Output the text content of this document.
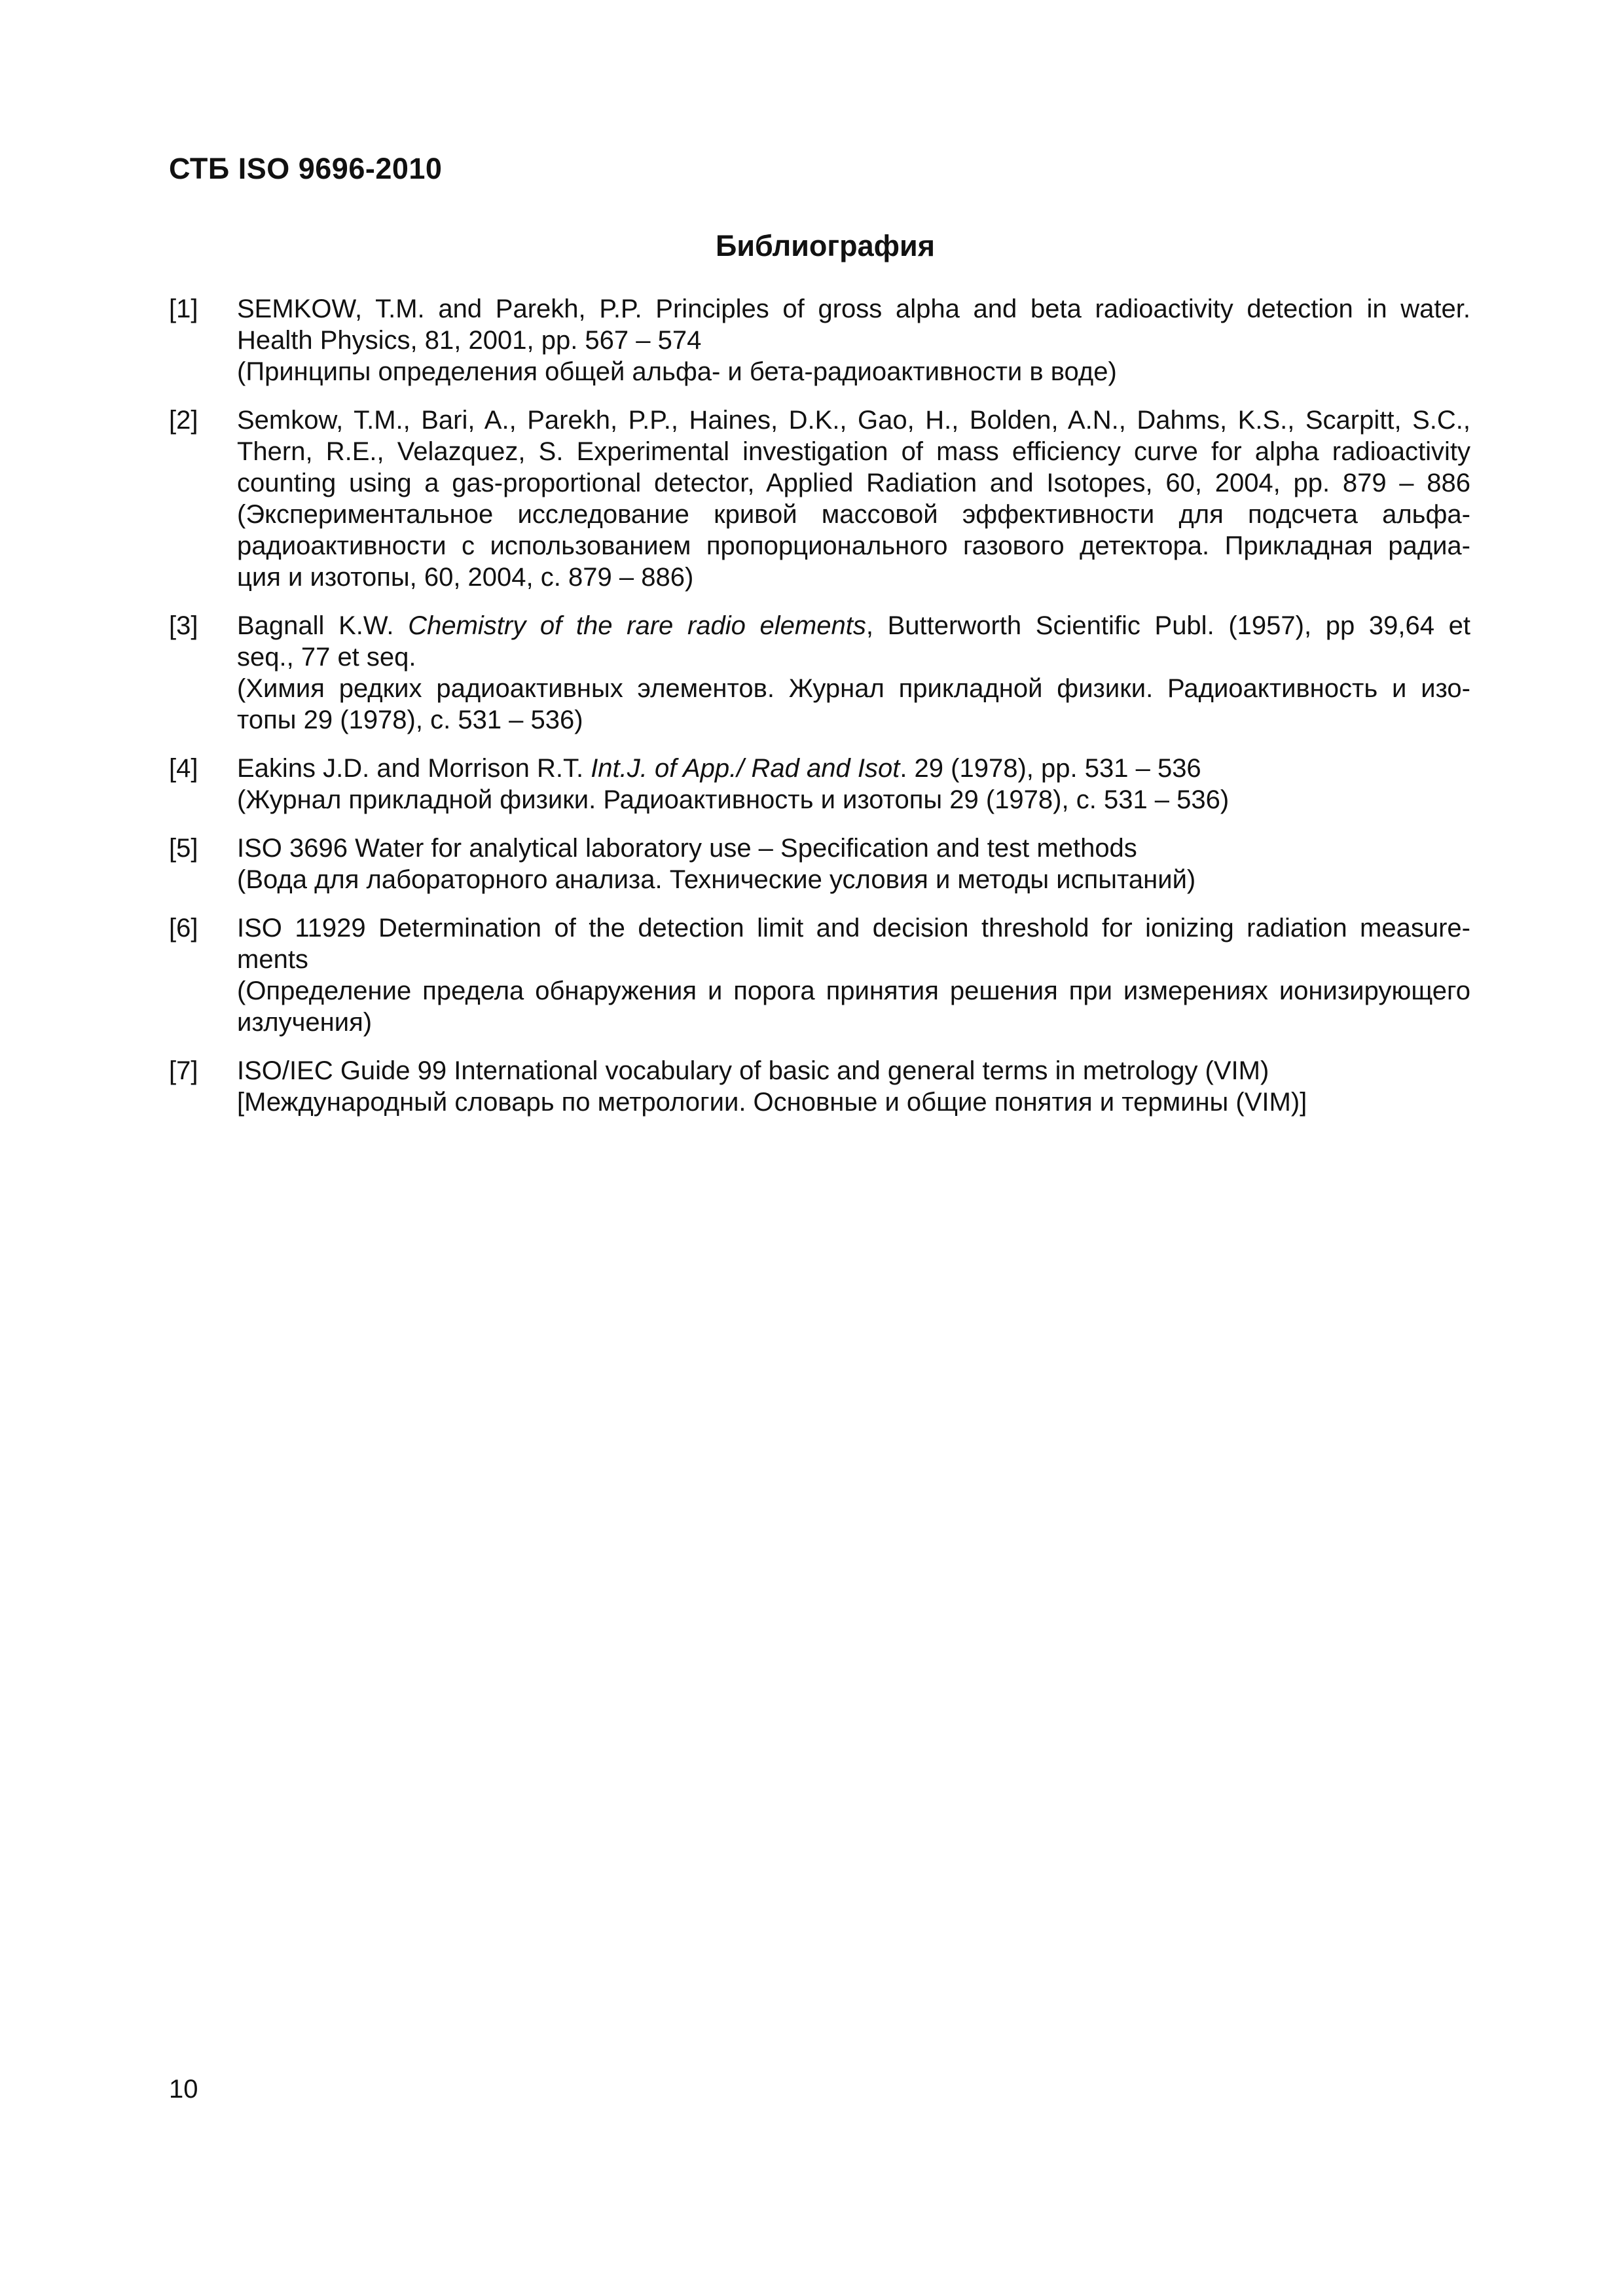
СТБ ISO 9696-2010
Библиография
[1]	SEMKOW, T.M. and Parekh, P.P. Principles of gross alpha and beta radioactivity detection in water.
Health Physics, 81, 2001, pp. 567 – 574
(Принципы определения общей альфа- и бета-радиоактивности в воде)
[2]	Semkow, T.M., Bari, A., Parekh, P.P., Haines, D.K., Gao, H., Bolden, A.N., Dahms, K.S., Scarpitt, S.C.,
Thern, R.E., Velazquez, S. Experimental investigation of mass efficiency curve for alpha radioactivity
counting using a gas-proportional detector, Applied Radiation and Isotopes, 60, 2004, pp. 879 – 886
(Экспериментальное исследование кривой массовой эффективности для подсчета альфа-
радиоактивности с использованием пропорционального газового детектора. Прикладная радиа-
ция и изотопы, 60, 2004, с. 879 – 886)
[3]	Bagnall K.W. Chemistry of the rare radio elements, Butterworth Scientific Publ. (1957), pp 39,64 et
seq., 77 et seq.
(Химия редких радиоактивных элементов. Журнал прикладной физики. Радиоактивность и изо-
топы 29 (1978), с. 531 – 536)
[4]	Eakins J.D. and Morrison R.T. Int.J. of App./ Rad and Isot. 29 (1978), pp. 531 – 536
(Журнал прикладной физики. Радиоактивность и изотопы 29 (1978), с. 531 – 536)
[5]	ISO 3696 Water for analytical laboratory use – Specification and test methods
(Вода для лабораторного анализа. Технические условия и методы испытаний)
[6]	ISO 11929 Determination of the detection limit and decision threshold for ionizing radiation measure-
ments
(Определение предела обнаружения и порога принятия решения при измерениях ионизирующего
излучения)
[7]	ISO/IEC Guide 99 International vocabulary of basic and general terms in metrology (VIM)
[Международный словарь по метрологии. Основные и общие понятия и термины (VIM)]
10
